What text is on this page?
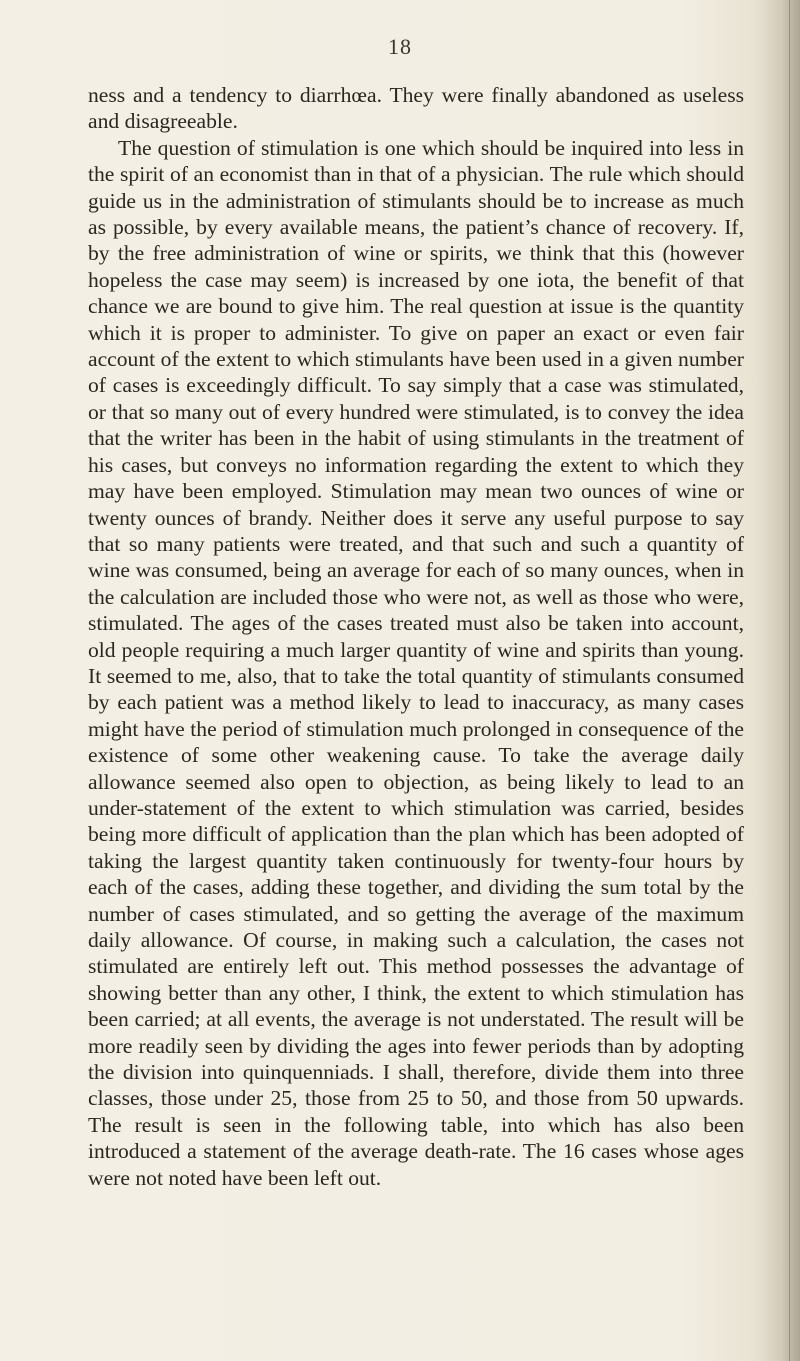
18

ness and a tendency to diarrhœa. They were finally abandoned as useless and disagreeable.

The question of stimulation is one which should be inquired into less in the spirit of an economist than in that of a physician. The rule which should guide us in the administration of stimulants should be to increase as much as possible, by every available means, the patient’s chance of recovery. If, by the free administration of wine or spirits, we think that this (however hopeless the case may seem) is increased by one iota, the benefit of that chance we are bound to give him. The real question at issue is the quantity which it is proper to administer. To give on paper an exact or even fair account of the extent to which stimulants have been used in a given number of cases is exceedingly difficult. To say simply that a case was stimulated, or that so many out of every hundred were stimulated, is to convey the idea that the writer has been in the habit of using stimulants in the treatment of his cases, but conveys no information regarding the extent to which they may have been employed. Stimulation may mean two ounces of wine or twenty ounces of brandy. Neither does it serve any useful purpose to say that so many patients were treated, and that such and such a quantity of wine was consumed, being an average for each of so many ounces, when in the calculation are included those who were not, as well as those who were, stimulated. The ages of the cases treated must also be taken into account, old people requiring a much larger quantity of wine and spirits than young. It seemed to me, also, that to take the total quantity of stimulants consumed by each patient was a method likely to lead to inaccuracy, as many cases might have the period of stimulation much prolonged in consequence of the existence of some other weakening cause. To take the average daily allowance seemed also open to objection, as being likely to lead to an under-statement of the extent to which stimulation was carried, besides being more difficult of application than the plan which has been adopted of taking the largest quantity taken continuously for twenty-four hours by each of the cases, adding these together, and dividing the sum total by the number of cases stimulated, and so getting the average of the maximum daily allowance. Of course, in making such a calculation, the cases not stimulated are entirely left out. This method possesses the advantage of showing better than any other, I think, the extent to which stimulation has been carried; at all events, the average is not understated. The result will be more readily seen by dividing the ages into fewer periods than by adopting the division into quinquenniads. I shall, therefore, divide them into three classes, those under 25, those from 25 to 50, and those from 50 upwards. The result is seen in the following table, into which has also been introduced a statement of the average death-rate. The 16 cases whose ages were not noted have been left out.
